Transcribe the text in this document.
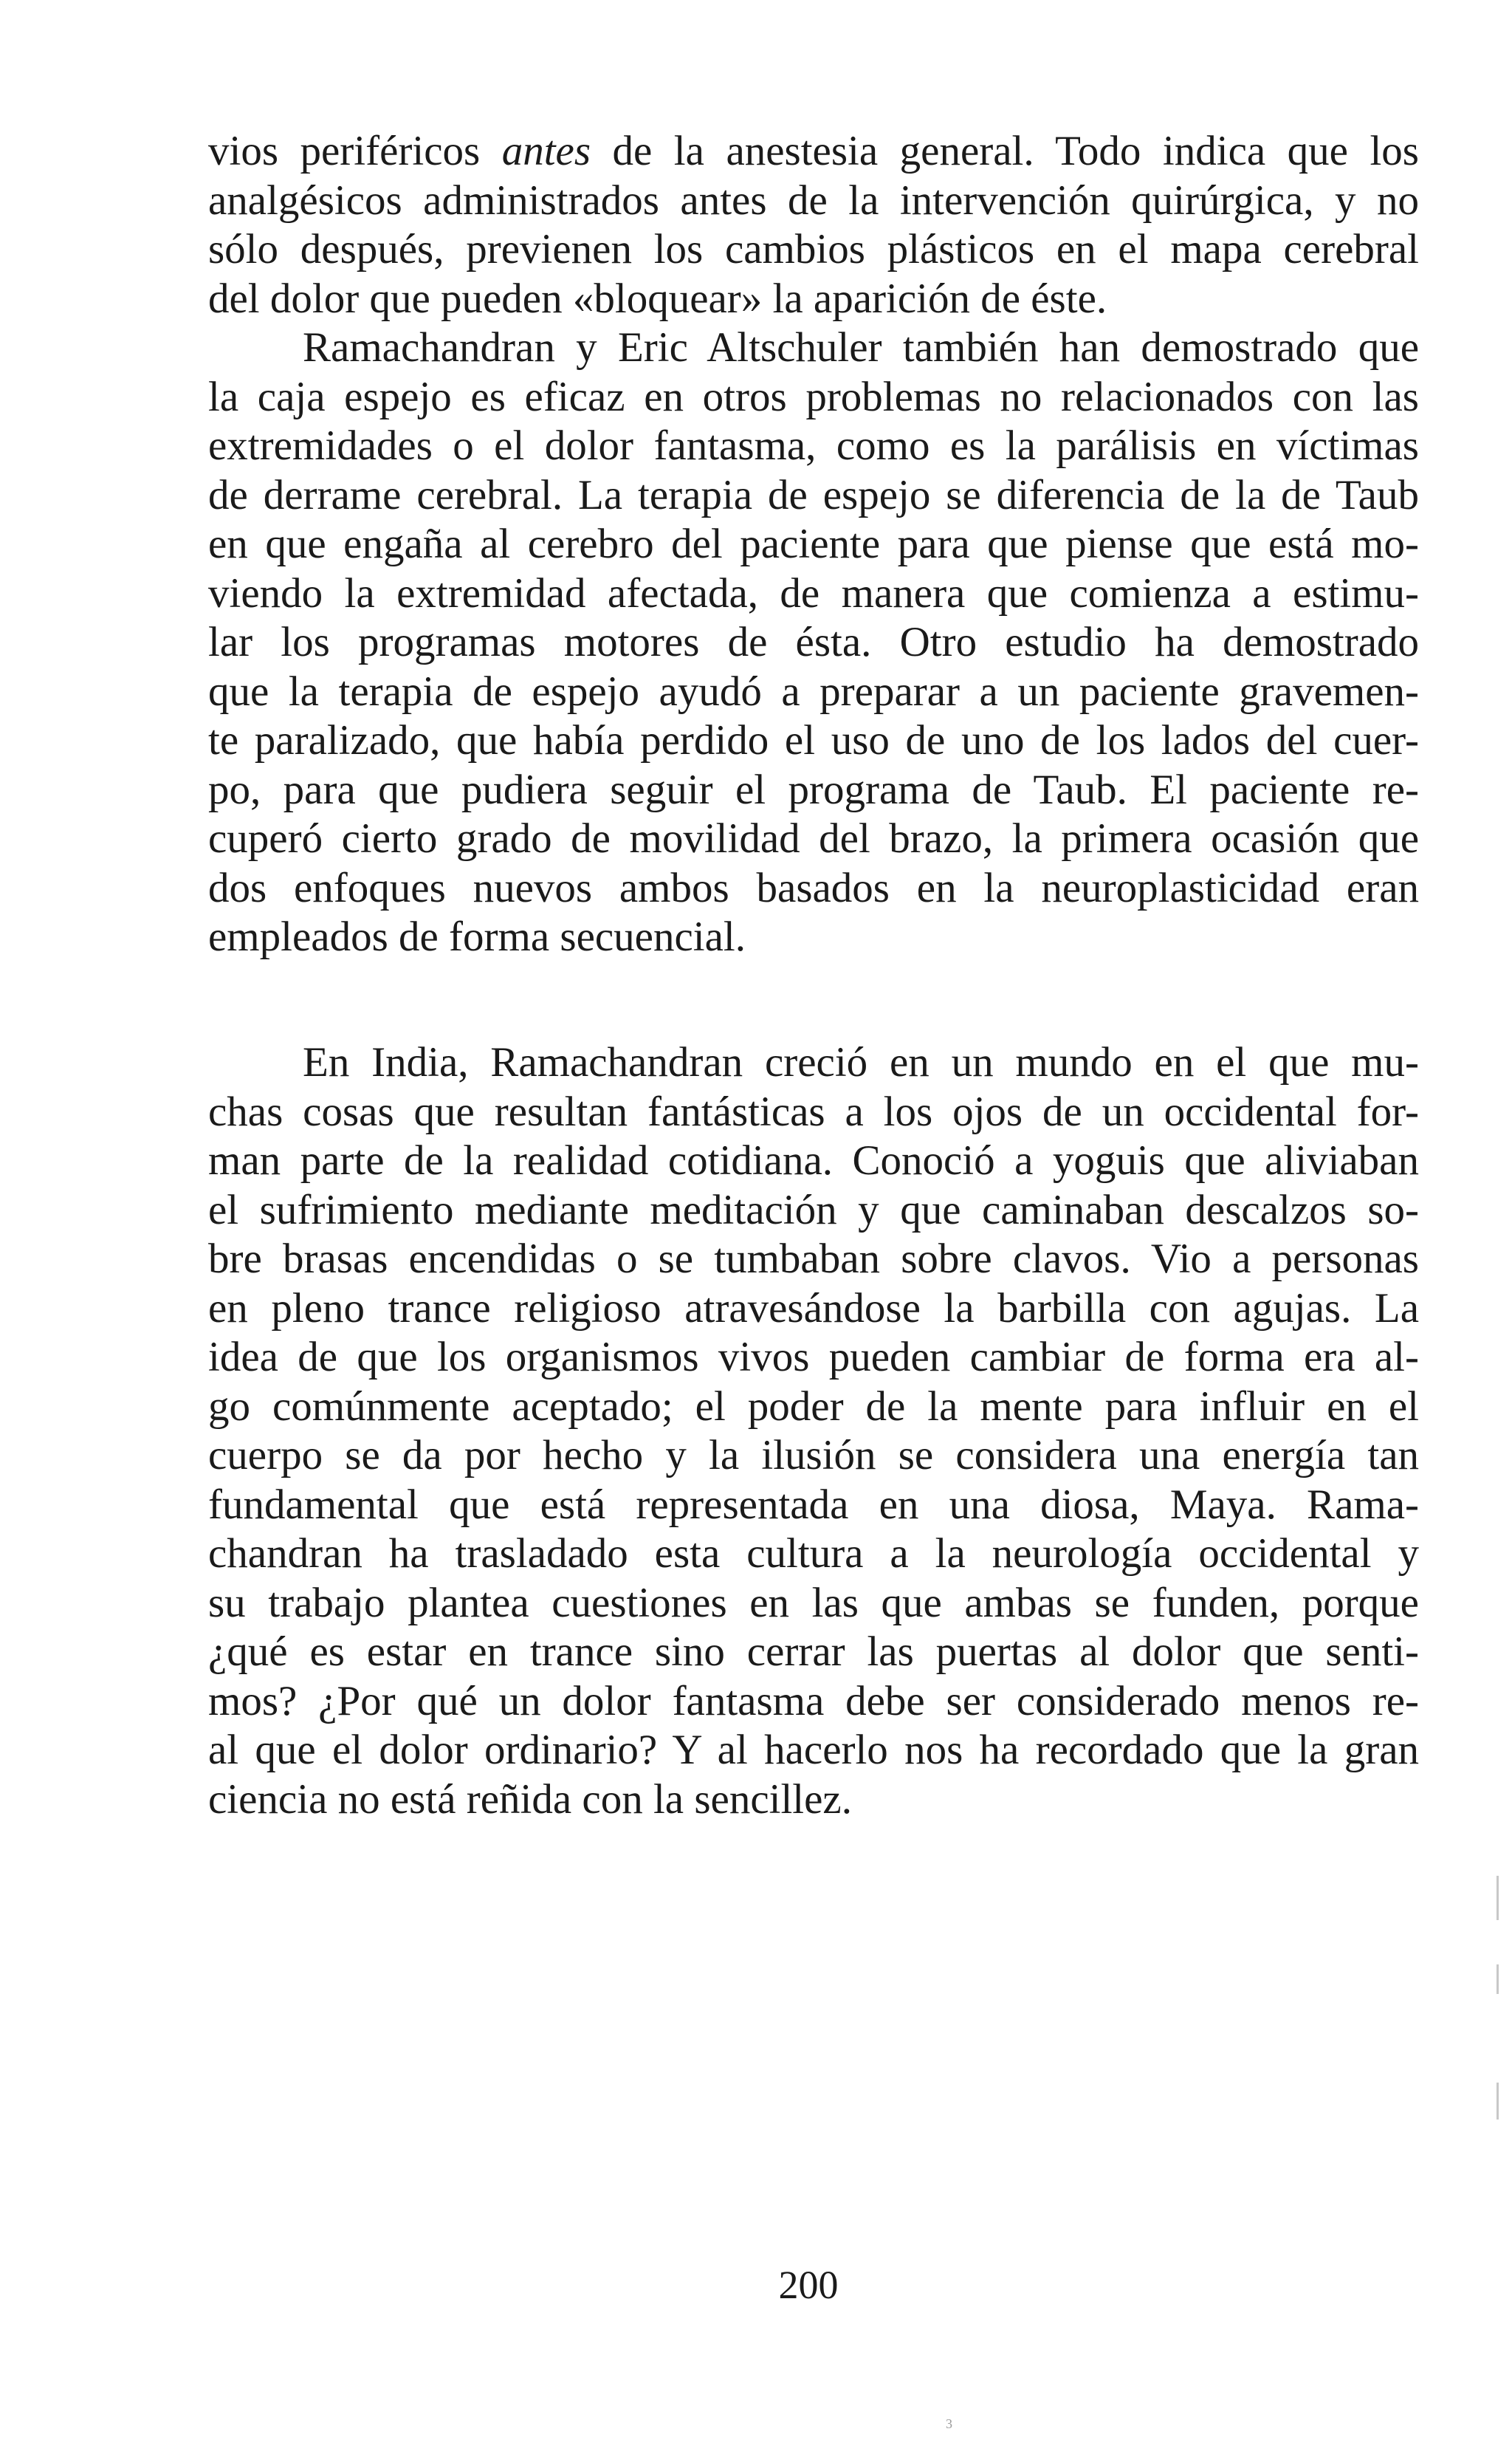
vios periféricos antes de la anestesia general. Todo indica que los
analgésicos administrados antes de la intervención quirúrgica, y no
sólo después, previenen los cambios plásticos en el mapa cerebral
del dolor que pueden «bloquear» la aparición de éste.
Ramachandran y Eric Altschuler también han demostrado que
la caja espejo es eficaz en otros problemas no relacionados con las
extremidades o el dolor fantasma, como es la parálisis en víctimas
de derrame cerebral. La terapia de espejo se diferencia de la de Taub
en que engaña al cerebro del paciente para que piense que está mo-
viendo la extremidad afectada, de manera que comienza a estimu-
lar los programas motores de ésta. Otro estudio ha demostrado
que la terapia de espejo ayudó a preparar a un paciente gravemen-
te paralizado, que había perdido el uso de uno de los lados del cuer-
po, para que pudiera seguir el programa de Taub. El paciente re-
cuperó cierto grado de movilidad del brazo, la primera ocasión que
dos enfoques nuevos ambos basados en la neuroplasticidad eran
empleados de forma secuencial.
En India, Ramachandran creció en un mundo en el que mu-
chas cosas que resultan fantásticas a los ojos de un occidental for-
man parte de la realidad cotidiana. Conoció a yoguis que aliviaban
el sufrimiento mediante meditación y que caminaban descalzos so-
bre brasas encendidas o se tumbaban sobre clavos. Vio a personas
en pleno trance religioso atravesándose la barbilla con agujas. La
idea de que los organismos vivos pueden cambiar de forma era al-
go comúnmente aceptado; el poder de la mente para influir en el
cuerpo se da por hecho y la ilusión se considera una energía tan
fundamental que está representada en una diosa, Maya. Rama-
chandran ha trasladado esta cultura a la neurología occidental y
su trabajo plantea cuestiones en las que ambas se funden, porque
¿qué es estar en trance sino cerrar las puertas al dolor que senti-
mos? ¿Por qué un dolor fantasma debe ser considerado menos re-
al que el dolor ordinario? Y al hacerlo nos ha recordado que la gran
ciencia no está reñida con la sencillez.
200
3
